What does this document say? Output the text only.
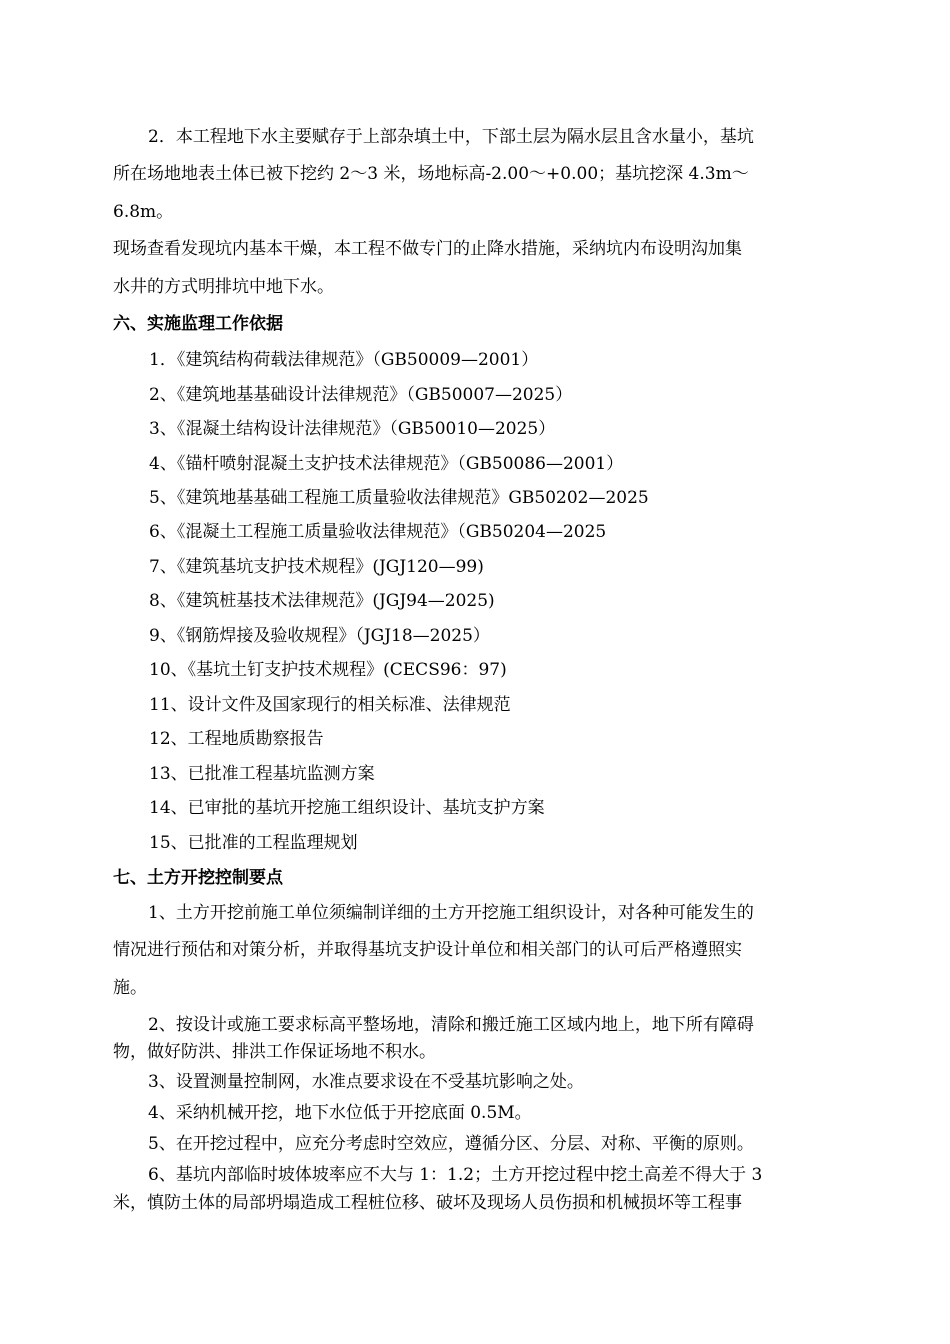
2．本工程地下水主要赋存于上部杂填土中，下部土层为隔水层且含水量小，基坑
所在场地地表土体已被下挖约 2～3 米，场地标高-2.00～+0.00；基坑挖深 4.3m～
6.8m。
现场查看发现坑内基本干燥，本工程不做专门的止降水措施，采纳坑内布设明沟加集
水井的方式明排坑中地下水。
六、实施监理工作依据
1．《建筑结构荷载法律规范》（GB50009—2001）
2、《建筑地基基础设计法律规范》（GB50007—2025）
3、《混凝土结构设计法律规范》（GB50010—2025）
4、《锚杆喷射混凝土支护技术法律规范》（GB50086—2001）
5、《建筑地基基础工程施工质量验收法律规范》GB50202—2025
6、《混凝土工程施工质量验收法律规范》（GB50204—2025
7、《建筑基坑支护技术规程》(JGJ120—99)
8、《建筑桩基技术法律规范》(JGJ94—2025)
9、《钢筋焊接及验收规程》（JGJ18—2025）
10、《基坑土钉支护技术规程》(CECS96：97)
11、设计文件及国家现行的相关标准、法律规范
12、工程地质勘察报告
13、已批准工程基坑监测方案
14、已审批的基坑开挖施工组织设计、基坑支护方案
15、已批准的工程监理规划
七、土方开挖控制要点
1、土方开挖前施工单位须编制详细的土方开挖施工组织设计，对各种可能发生的
情况进行预估和对策分析，并取得基坑支护设计单位和相关部门的认可后严格遵照实
施。
2、按设计或施工要求标高平整场地，清除和搬迁施工区域内地上，地下所有障碍
物，做好防洪、排洪工作保证场地不积水。
3、设置测量控制网，水准点要求设在不受基坑影响之处。
4、采纳机械开挖，地下水位低于开挖底面 0.5M。
5、在开挖过程中，应充分考虑时空效应，遵循分区、分层、对称、平衡的原则。
6、基坑内部临时坡体坡率应不大与 1：1.2；土方开挖过程中挖土高差不得大于 3
米，慎防土体的局部坍塌造成工程桩位移、破坏及现场人员伤损和机械损坏等工程事
